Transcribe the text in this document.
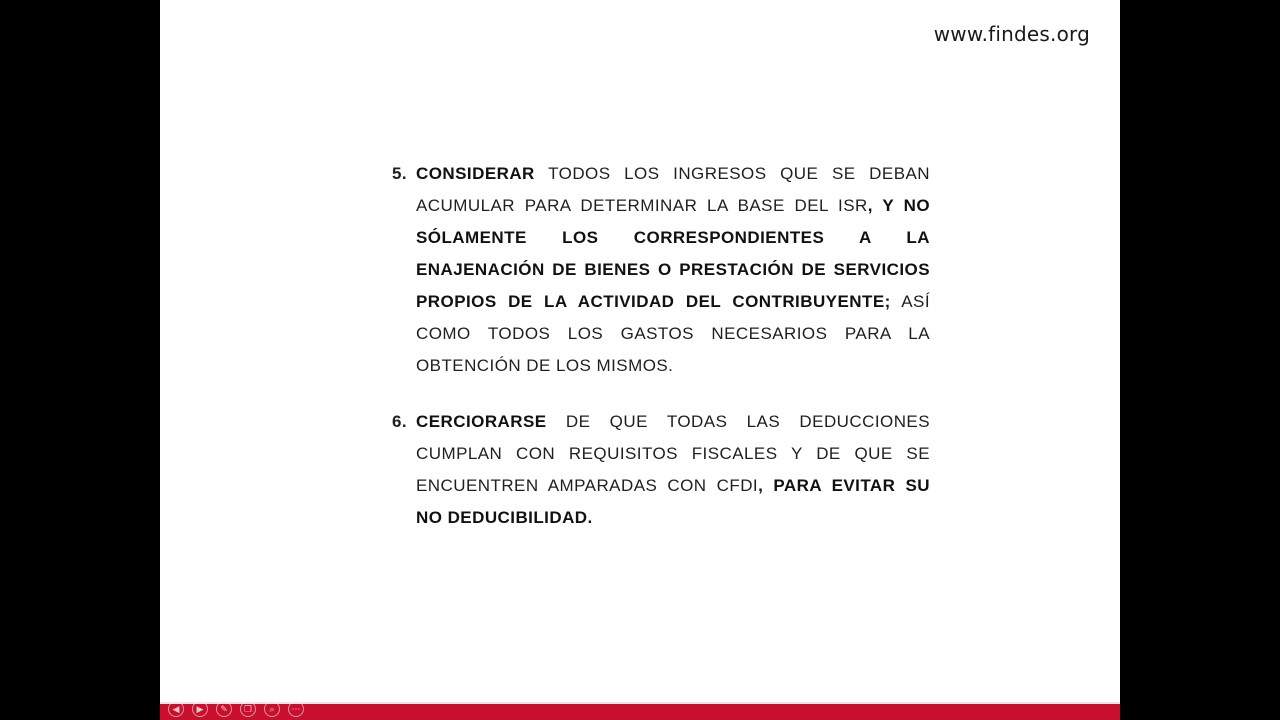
www.findes.org
5. CONSIDERAR TODOS LOS INGRESOS QUE SE DEBAN ACUMULAR PARA DETERMINAR LA BASE DEL ISR, Y NO SÓLAMENTE LOS CORRESPONDIENTES A LA ENAJENACIÓN DE BIENES O PRESTACIÓN DE SERVICIOS PROPIOS DE LA ACTIVIDAD DEL CONTRIBUYENTE; ASÍ COMO TODOS LOS GASTOS NECESARIOS PARA LA OBTENCIÓN DE LOS MISMOS.
6. CERCIORARSE DE QUE TODAS LAS DEDUCCIONES CUMPLAN CON REQUISITOS FISCALES Y DE QUE SE ENCUENTREN AMPARADAS CON CFDI, PARA EVITAR SU NO DEDUCIBILIDAD.
◀	▶	✎	❐	⌕	⋯
